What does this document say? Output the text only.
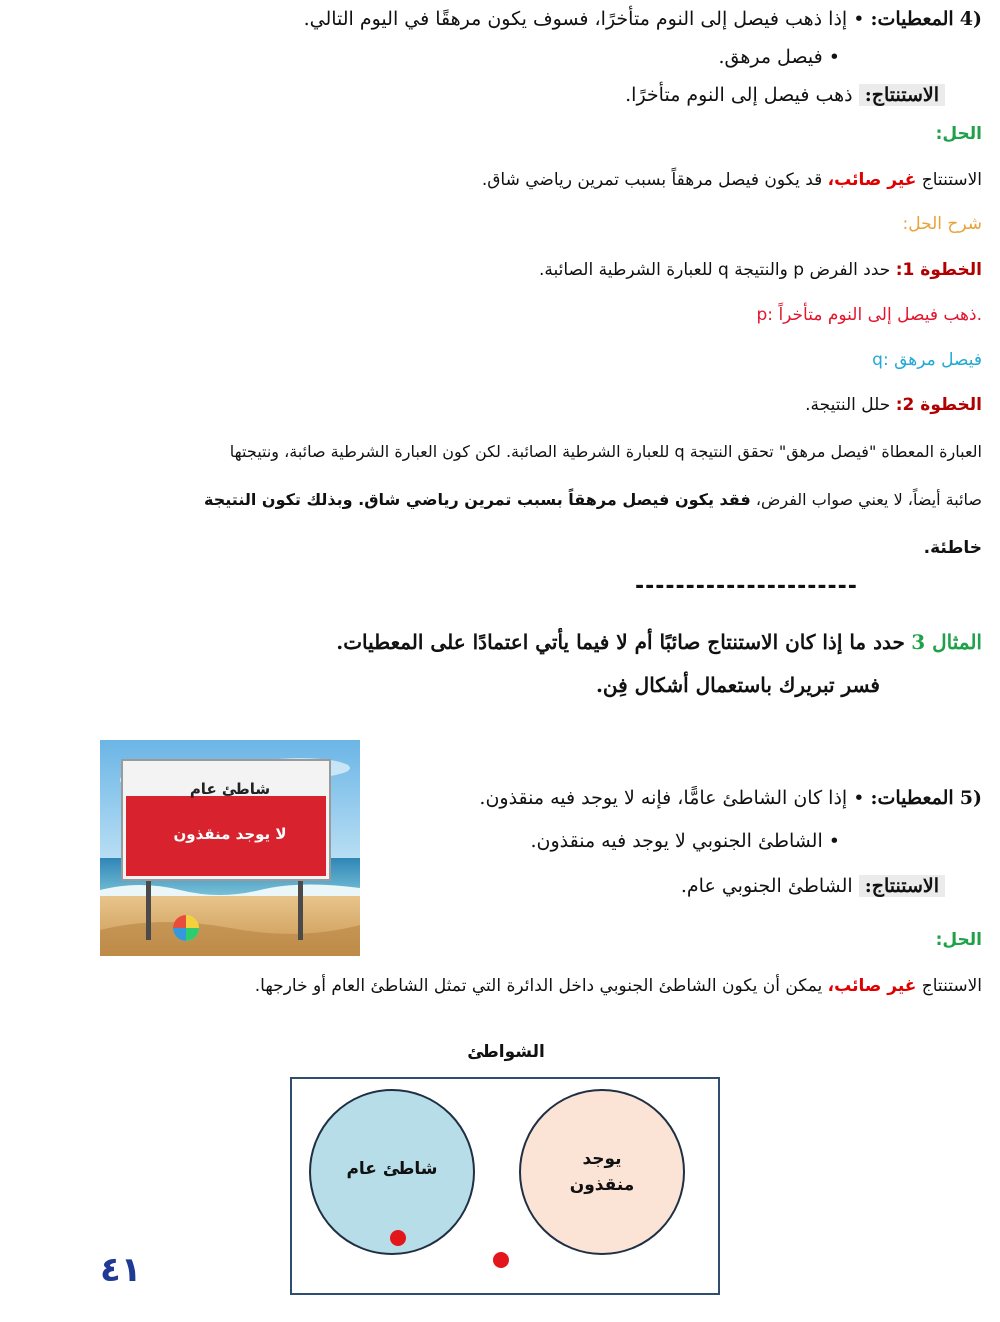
(4 المعطيات: • إذا ذهب فيصل إلى النوم متأخرًا، فسوف يكون مرهقًا في اليوم التالي.
• فيصل مرهق.
الاستنتاج: ذهب فيصل إلى النوم متأخرًا.
الحل:
الاستنتاج غير صائب، قد يكون فيصل مرهقاً بسبب تمرين رياضي شاق.
شرح الحل:
الخطوة 1: حدد الفرض p والنتيجة q للعبارة الشرطية الصائبة.
p: ذهب فيصل إلى النوم متأخراً.
q: فيصل مرهق
الخطوة 2: حلل النتيجة.
العبارة المعطاة "فيصل مرهق" تحقق النتيجة q للعبارة الشرطية الصائبة. لكن كون العبارة الشرطية صائبة، ونتيجتها
صائبة أيضاً، لا يعني صواب الفرض، فقد يكون فيصل مرهقاً بسبب تمرين رياضي شاق. وبذلك تكون النتيجة
خاطئة.
----------------------
المثال 3 حدد ما إذا كان الاستنتاج صائبًا أم لا فيما يأتي اعتمادًا على المعطيات.
فسر تبريرك باستعمال أشكال فِن.
شاطئ عام
لا يوجد منقذون
(5 المعطيات: • إذا كان الشاطئ عامًّا، فإنه لا يوجد فيه منقذون.
• الشاطئ الجنوبي لا يوجد فيه منقذون.
الاستنتاج: الشاطئ الجنوبي عام.
الحل:
الاستنتاج غير صائب، يمكن أن يكون الشاطئ الجنوبي داخل الدائرة التي تمثل الشاطئ العام أو خارجها.
الشواطئ
شاطئ عام	يوجد
منقذون
٤١
